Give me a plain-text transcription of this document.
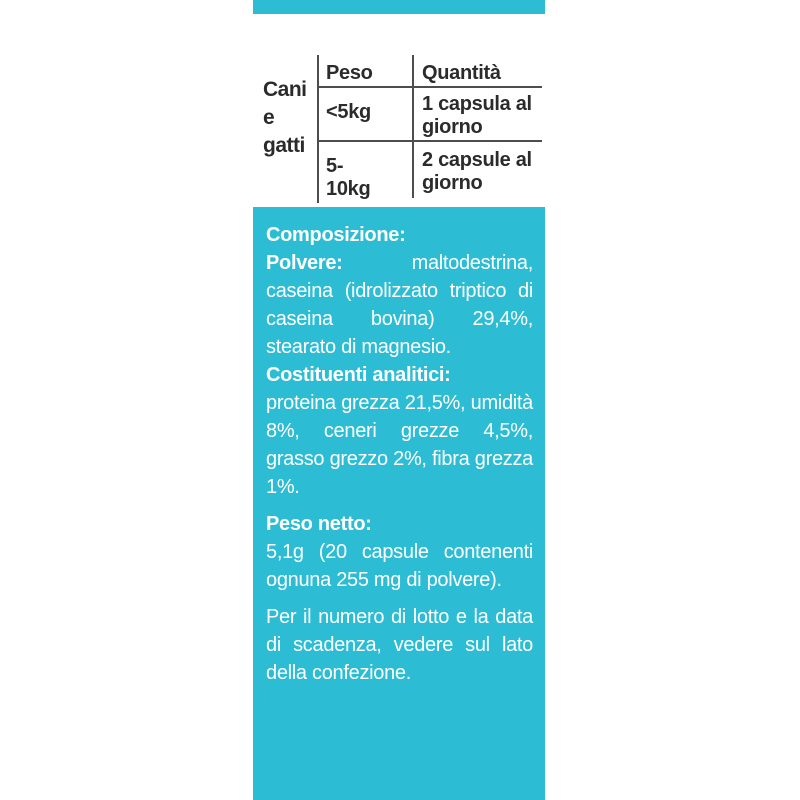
Cani e gatti
Peso Quantità
<5kg	1 capsula al giorno
5-10kg
2 capsule al giorno
Composizione:

Polvere:	maltodestrina, caseina (idrolizzato triptico di caseina bovina) 29,4%, stearato di magnesio.

Costituenti analitici:

proteina grezza 21,5%, umidità 8%, ceneri grezze 4,5%, grasso grezzo 2%, fibra grezza 1%.

Peso netto:

5,1g (20 capsule contenenti ognuna 255 mg di polvere).

Per il numero di lotto e la data di scadenza, vedere sul lato della confezione.
